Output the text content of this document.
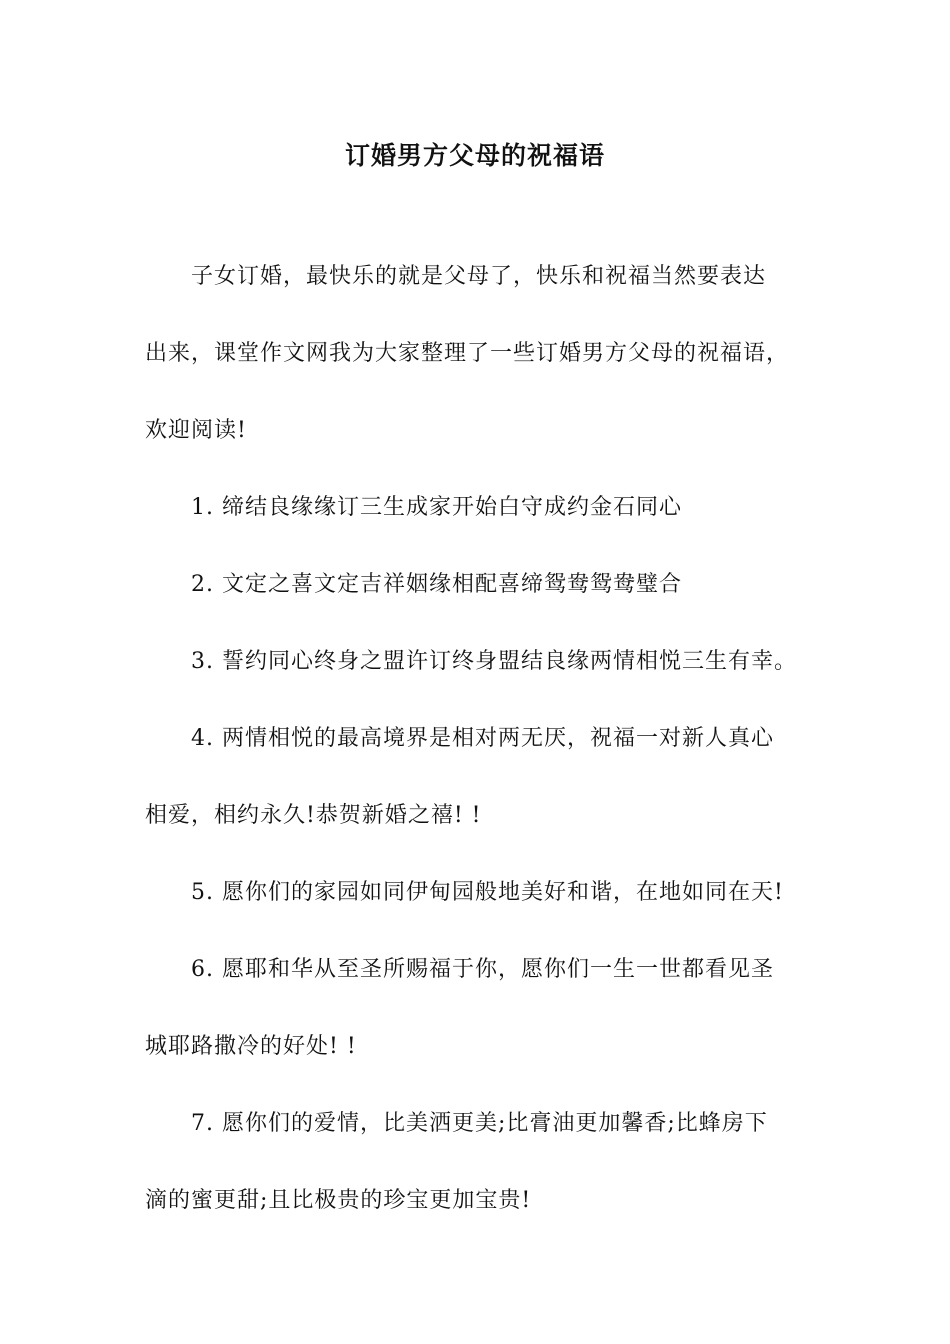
订婚男方父母的祝福语
子女订婚，最快乐的就是父母了，快乐和祝福当然要表达
出来，课堂作文网我为大家整理了一些订婚男方父母的祝福语，
欢迎阅读!
1. 缔结良缘缘订三生成家开始白守成约金石同心
2. 文定之喜文定吉祥姻缘相配喜缔鸳鸯鸳鸯璧合
3. 誓约同心终身之盟许订终身盟结良缘两情相悦三生有幸。
4. 两情相悦的最高境界是相对两无厌，祝福一对新人真心
相爱，相约永久!恭贺新婚之禧! !
5. 愿你们的家园如同伊甸园般地美好和谐，在地如同在天!
6. 愿耶和华从至圣所赐福于你，愿你们一生一世都看见圣
城耶路撒冷的好处! !
7. 愿你们的爱情，比美洒更美;比膏油更加馨香;比蜂房下
滴的蜜更甜;且比极贵的珍宝更加宝贵!
